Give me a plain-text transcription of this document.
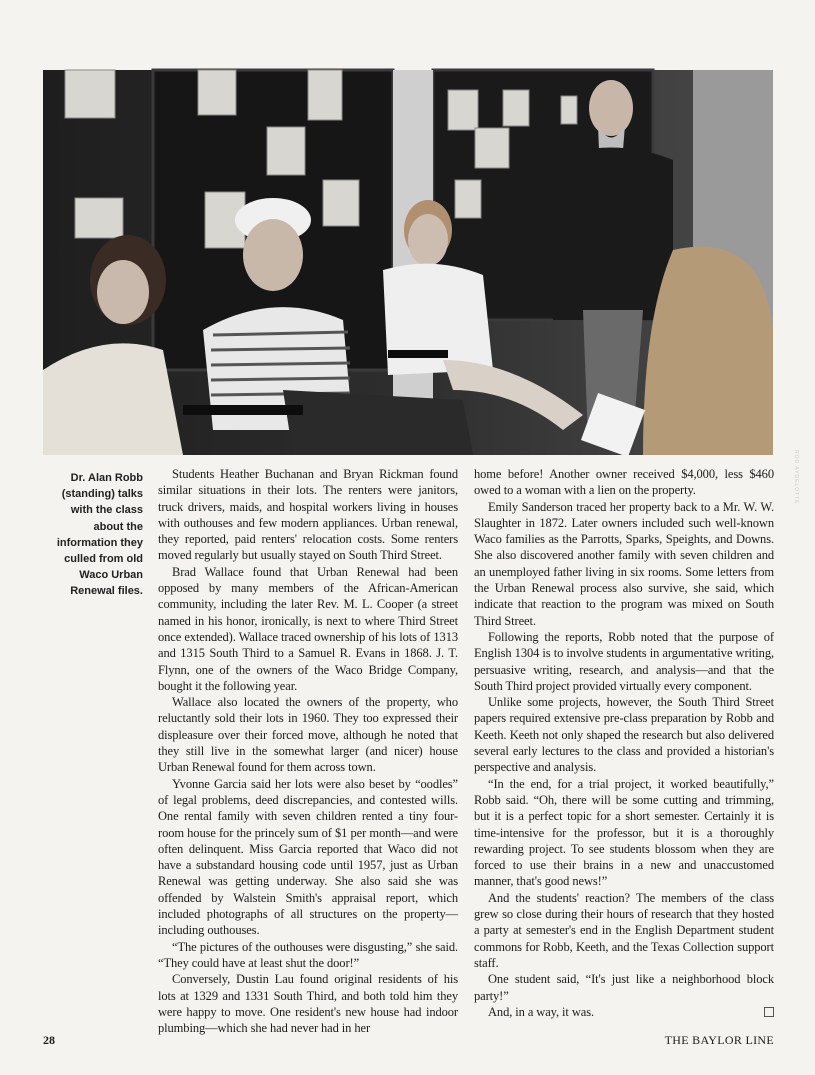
ROD AYDELOTTE
Dr. Alan Robb (standing) talks with the class about the information they culled from old Waco Urban Renewal files.

Students Heather Buchanan and Bryan Rickman found similar situations in their lots. The renters were janitors, truck drivers, maids, and hospital workers living in houses with outhouses and few modern appliances. Urban renewal, they reported, paid renters' relocation costs. Some renters moved regularly but usually stayed on South Third Street.

Brad Wallace found that Urban Renewal had been opposed by many members of the African-American community, including the later Rev. M. L. Cooper (a street named in his honor, ironically, is next to where Third Street once extended). Wallace traced ownership of his lots of 1313 and 1315 South Third to a Samuel R. Evans in 1868. J. T. Flynn, one of the owners of the Waco Bridge Company, bought it the following year.

Wallace also located the owners of the property, who reluctantly sold their lots in 1960. They too expressed their displeasure over their forced move, although he noted that they still live in the somewhat larger (and nicer) house Urban Renewal found for them across town.

Yvonne Garcia said her lots were also beset by “oodles” of legal problems, deed discrepancies, and contested wills. One rental family with seven children rented a tiny four-room house for the princely sum of $1 per month—and were often delinquent. Miss Garcia reported that Waco did not have a substandard housing code until 1957, just as Urban Renewal was getting underway. She also said she was offended by Walstein Smith's appraisal report, which included photographs of all structures on the property—including outhouses.

“The pictures of the outhouses were disgusting,” she said. “They could have at least shut the door!”

Conversely, Dustin Lau found original residents of his lots at 1329 and 1331 South Third, and both told him they were happy to move. One resident's new house had indoor plumbing—which she had never had in her

home before! Another owner received $4,000, less $460 owed to a woman with a lien on the property.

Emily Sanderson traced her property back to a Mr. W. W. Slaughter in 1872. Later owners included such well-known Waco families as the Parrotts, Sparks, Speights, and Downs. She also discovered another family with seven children and an unemployed father living in six rooms. Some letters from the Urban Renewal process also survive, she said, which indicate that reaction to the program was mixed on South Third Street.

Following the reports, Robb noted that the purpose of English 1304 is to involve students in argumentative writing, persuasive writing, research, and analysis—and that the South Third project provided virtually every component.

Unlike some projects, however, the South Third Street papers required extensive pre-class preparation by Robb and Keeth. Keeth not only shaped the research but also delivered several early lectures to the class and provided a historian's perspective and analysis.

“In the end, for a trial project, it worked beautifully,” Robb said. “Oh, there will be some cutting and trimming, but it is a perfect topic for a short semester. Certainly it is time-intensive for the professor, but it is a thoroughly rewarding project. To see students blossom when they are forced to use their brains in a new and unaccustomed manner, that's good news!”

And the students' reaction? The members of the class grew so close during their hours of research that they hosted a party at semester's end in the English Department student commons for Robb, Keeth, and the Texas Collection support staff.

One student said, “It's just like a neighborhood block party!”

And, in a way, it was.

28	THE BAYLOR LINE
